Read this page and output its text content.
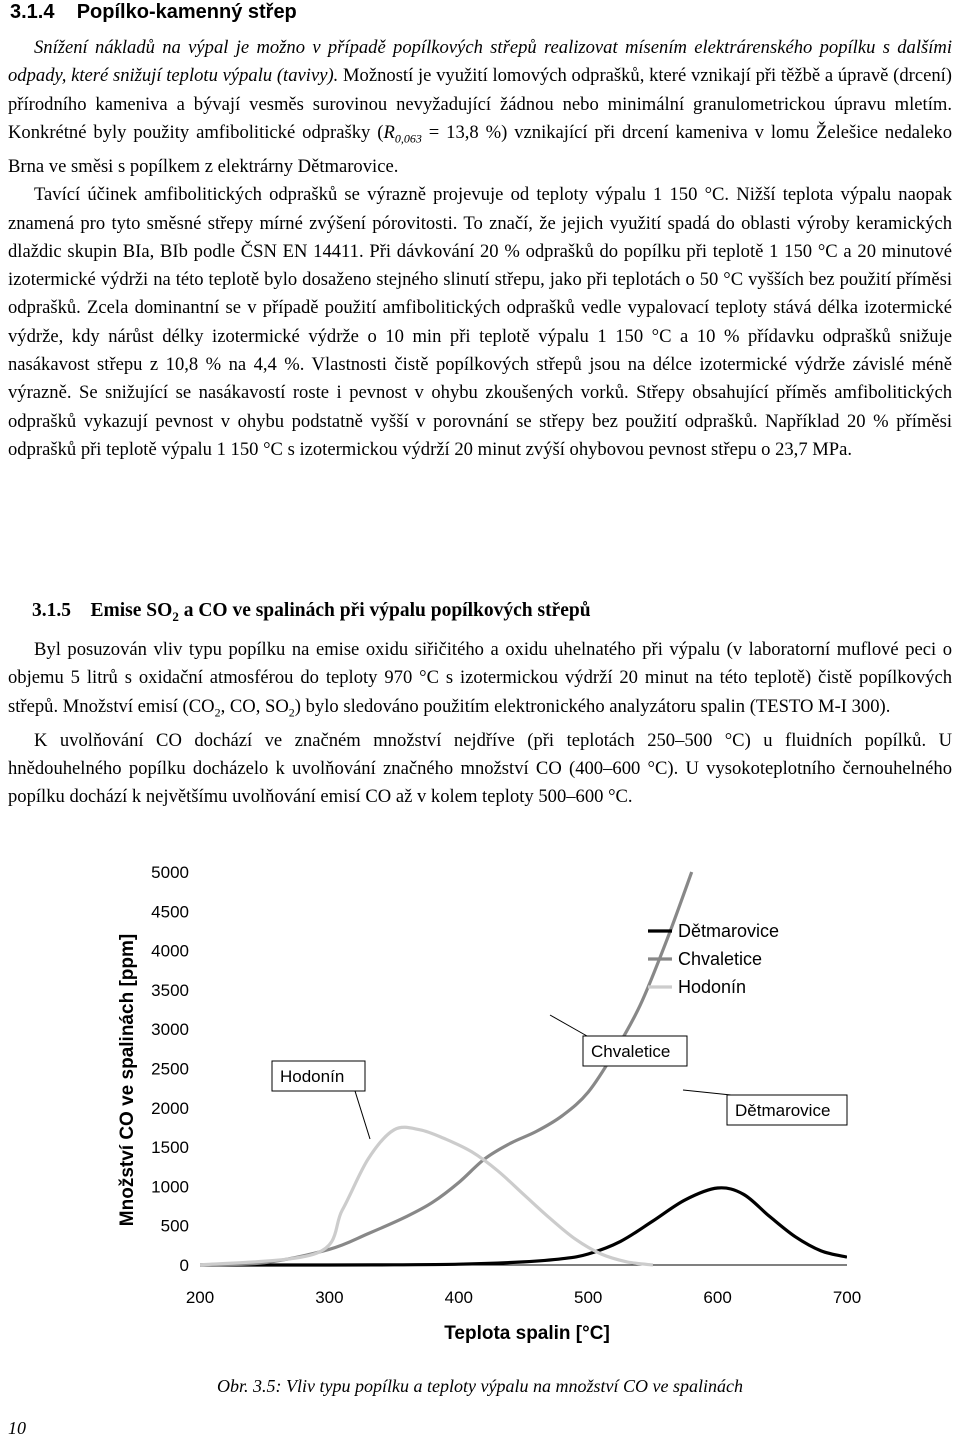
3.1.4 Popílko-kamenný střep

Snížení nákladů na výpal je možno v případě popílkových střepů realizovat mísením elektrárenského popílku s dalšími odpady, které snižují teplotu výpalu (tavivy). Možností je využití lomových odprašků, které vznikají při těžbě a úpravě (drcení) přírodního kameniva a bývají vesměs surovinou nevyžadující žádnou nebo minimální granulometrickou úpravu mletím. Konkrétné byly použity amfibolitické odprašky ($R_{0,063} = 13,8$ %) vznikající při drcení kameniva v lomu Želešice nedaleko Brna ve směsi s popílkem z elektrárny Dětmarovice.

Tavící účinek amfibolitických odprašků se výrazně projevuje od teploty výpalu 1 150 °C. Nižší teplota výpalu naopak znamená pro tyto směsné střepy mírné zvýšení pórovitosti. To značí, že jejich využití spadá do oblasti výroby keramických dlaždic skupin BIa, BIb podle ČSN EN 14411. Při dávkování 20 % odprašků do popílku při teplotě 1 150 °C a 20 minutové izotermické výdrži na této teplotě bylo dosaženo stejného slinutí střepu, jako při teplotách o 50 °C vyšších bez použití příměsi odprašků. Zcela dominantní se v případě použití amfibolitických odprašků vedle vypalovací teploty stává délka izotermické výdrže, kdy nárůst délky izotermické výdrže o 10 min při teplotě výpalu 1 150 °C a 10 % přídavku odprašků snižuje nasákavost střepu z 10,8 % na 4,4 %. Vlastnosti čistě popílkových střepů jsou na délce izotermické výdrže závislé méně výrazně. Se snižující se nasákavostí roste i pevnost v ohybu zkoušených vorků. Střepy obsahující příměs amfibolitických odprašků vykazují pevnost v ohybu podstatně vyšší v porovnání se střepy bez použití odprašků. Například 20 % příměsi odprašků při teplotě výpalu 1 150 °C s izotermickou výdrží 20 minut zvýší ohybovou pevnost střepu o 23,7 MPa.

3.1.5 Emise $SO_2$ a CO ve spalinách při výpalu popílkových střepů

Byl posuzován vliv typu popílku na emise oxidu siřičitého a oxidu uhelnatého při výpalu (v laboratorní muflové peci o objemu 5 litrů s oxidační atmosférou do teploty 970 °C s izotermickou výdrží 20 minut na této teplotě) čistě popílkových střepů. Množství emisí ($CO_2$, CO, $SO_2$) bylo sledováno použitím elektronického analyzátoru spalin (TESTO M-I 300).

K uvolňování CO dochází ve značném množství nejdříve (při teplotách 250–500 °C) u fluidních popílků. U hnědouhelného popílku docházelo k uvolňování značného množství CO (400–600 °C). U vysokoteplotního černouhelného popílku dochází k největšímu uvolňování emisí CO až v kolem teploty 500–600 °C.

Množství CO ve spalinách [ppm]
Teplota spalin [°C]
0
500
1000
1500
2000
2500
3000
3500
4000
4500
5000
200	300	400	500	600	700
Dětmarovice
Chvaletice
Hodonín
Hodonín
Chvaletice
Dětmarovice
Obr. 3.5: Vliv typu popílku a teploty výpalu na množství CO ve spalinách
10
